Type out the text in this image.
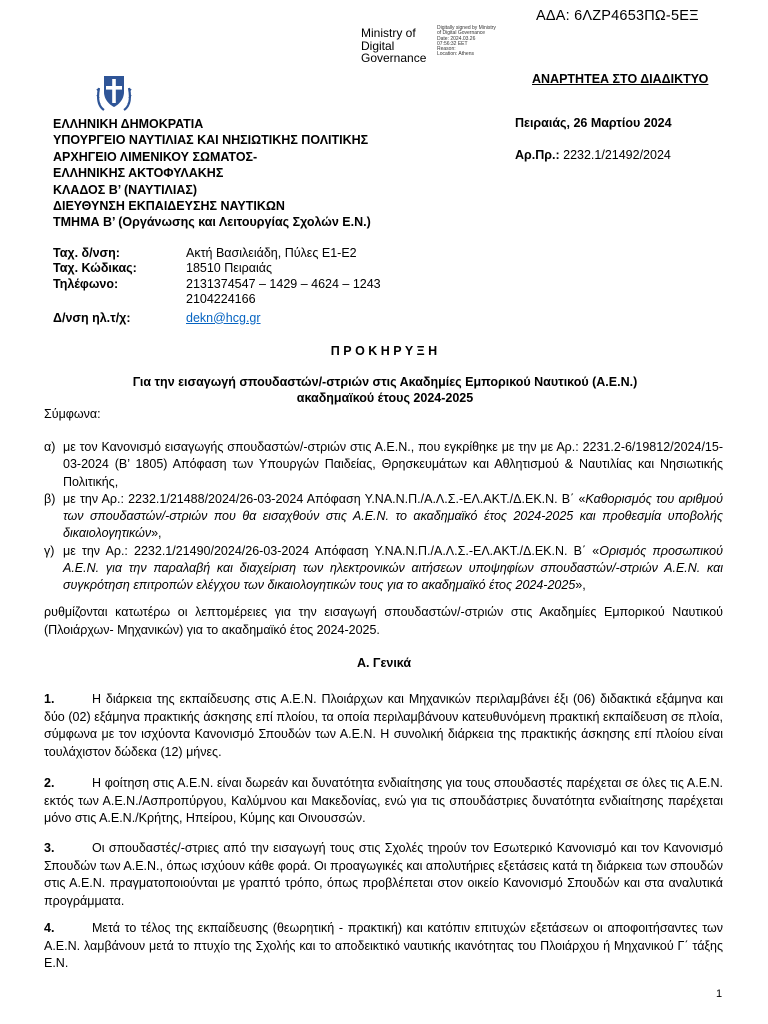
ΑΔΑ: 6ΛΖΡ4653ΠΩ-5ΕΞ
Ministry of
Digital
Governance
Digitally signed by Ministry
of Digital Governance
Date: 2024.03.26
07:56:32 EET
Reason:
Location: Athens
ΑΝΑΡΤΗΤΕΑ ΣΤΟ ΔΙΑΔΙΚΤΥΟ
ΕΛΛΗΝΙΚΗ ΔΗΜΟΚΡΑΤΙΑ
ΥΠΟΥΡΓΕΙΟ ΝΑΥΤΙΛΙΑΣ ΚΑΙ ΝΗΣΙΩΤΙΚΗΣ ΠΟΛΙΤΙΚΗΣ
ΑΡΧΗΓΕΙΟ ΛΙΜΕΝΙΚΟΥ ΣΩΜΑΤΟΣ-
ΕΛΛΗΝΙΚΗΣ ΑΚΤΟΦΥΛΑΚΗΣ
ΚΛΑΔΟΣ Β’ (ΝΑΥΤΙΛΙΑΣ)
ΔΙΕΥΘΥΝΣΗ ΕΚΠΑΙΔΕΥΣΗΣ ΝΑΥΤΙΚΩΝ
ΤΜΗΜΑ Β’ (Οργάνωσης και Λειτουργίας Σχολών Ε.Ν.)
Πειραιάς, 26 Μαρτίου 2024
Αρ.Πρ.: 2232.1/21492/2024
Ταχ. δ/νση:	Ακτή Βασιλειάδη, Πύλες Ε1-Ε2
Ταχ. Κώδικας:	18510 Πειραιάς
Τηλέφωνο:	2131374547 – 1429 – 4624 – 1243
2104224166
Δ/νση ηλ.τ/χ:	dekn@hcg.gr
Π Ρ Ο Κ Η Ρ Υ Ξ Η
Για την εισαγωγή σπουδαστών/-στριών στις Ακαδημίες Εμπορικού Ναυτικού (Α.Ε.Ν.)
ακαδημαϊκού έτους 2024-2025
Σύμφωνα:
α) με τον Κανονισμό εισαγωγής σπουδαστών/-στριών στις Α.Ε.Ν., που εγκρίθηκε με την με Αρ.: 2231.2-6/19812/2024/15-03-2024 (Β’ 1805) Απόφαση των Υπουργών Παιδείας, Θρησκευμάτων και Αθλητισμού & Ναυτιλίας και Νησιωτικής Πολιτικής,
β) με την Αρ.: 2232.1/21488/2024/26-03-2024 Απόφαση Υ.ΝΑ.Ν.Π./Α.Λ.Σ.-ΕΛ.ΑΚΤ./Δ.ΕΚ.Ν. Β΄ «Καθορισμός του αριθμού των σπουδαστών/-στριών που θα εισαχθούν στις Α.Ε.Ν. το ακαδημαϊκό έτος 2024-2025 και προθεσμία υποβολής δικαιολογητικών»,
γ) με την Αρ.: 2232.1/21490/2024/26-03-2024 Απόφαση Υ.ΝΑ.Ν.Π./Α.Λ.Σ.-ΕΛ.ΑΚΤ./Δ.ΕΚ.Ν. Β΄ «Ορισμός προσωπικού Α.Ε.Ν. για την παραλαβή και διαχείριση των ηλεκτρονικών αιτήσεων υποψηφίων σπουδαστών/-στριών Α.Ε.Ν. και συγκρότηση επιτροπών ελέγχου των δικαιολογητικών τους για το ακαδημαϊκό έτος 2024-2025»,
ρυθμίζονται κατωτέρω οι λεπτομέρειες για την εισαγωγή σπουδαστών/-στριών στις Ακαδημίες Εμπορικού Ναυτικού (Πλοιάρχων- Μηχανικών) για το ακαδημαϊκό έτος 2024-2025.
Α. Γενικά
1.	Η διάρκεια της εκπαίδευσης στις Α.Ε.Ν. Πλοιάρχων και Μηχανικών περιλαμβάνει έξι (06) διδακτικά εξάμηνα και δύο (02) εξάμηνα πρακτικής άσκησης επί πλοίου, τα οποία περιλαμβάνουν κατευθυνόμενη πρακτική εκπαίδευση σε πλοία, σύμφωνα με τον ισχύοντα Κανονισμό Σπουδών των Α.Ε.Ν. Η συνολική διάρκεια της πρακτικής άσκησης επί πλοίου είναι τουλάχιστον δώδεκα (12) μήνες.
2.	Η φοίτηση στις Α.Ε.Ν. είναι δωρεάν και δυνατότητα ενδιαίτησης για τους σπουδαστές παρέχεται σε όλες τις Α.Ε.Ν. εκτός των Α.Ε.Ν./Ασπροπύργου, Καλύμνου και Μακεδονίας, ενώ για τις σπουδάστριες δυνατότητα ενδιαίτησης παρέχεται μόνο στις Α.Ε.Ν./Κρήτης, Ηπείρου, Κύμης και Οινουσσών.
3.	Οι σπουδαστές/-στριες από την εισαγωγή τους στις Σχολές τηρούν τον Εσωτερικό Κανονισμό και τον Κανονισμό Σπουδών των Α.Ε.Ν., όπως ισχύουν κάθε φορά. Οι προαγωγικές και απολυτήριες εξετάσεις κατά τη διάρκεια των σπουδών στις Α.Ε.Ν. πραγματοποιούνται με γραπτό τρόπο, όπως προβλέπεται στον οικείο Κανονισμό Σπουδών και στα αναλυτικά προγράμματα.
4.	Μετά το τέλος της εκπαίδευσης (θεωρητική - πρακτική) και κατόπιν επιτυχών εξετάσεων οι αποφοιτήσαντες των Α.Ε.Ν. λαμβάνουν μετά το πτυχίο της Σχολής και το αποδεικτικό ναυτικής ικανότητας του Πλοιάρχου ή Μηχανικού Γ΄ τάξης Ε.Ν.
1
